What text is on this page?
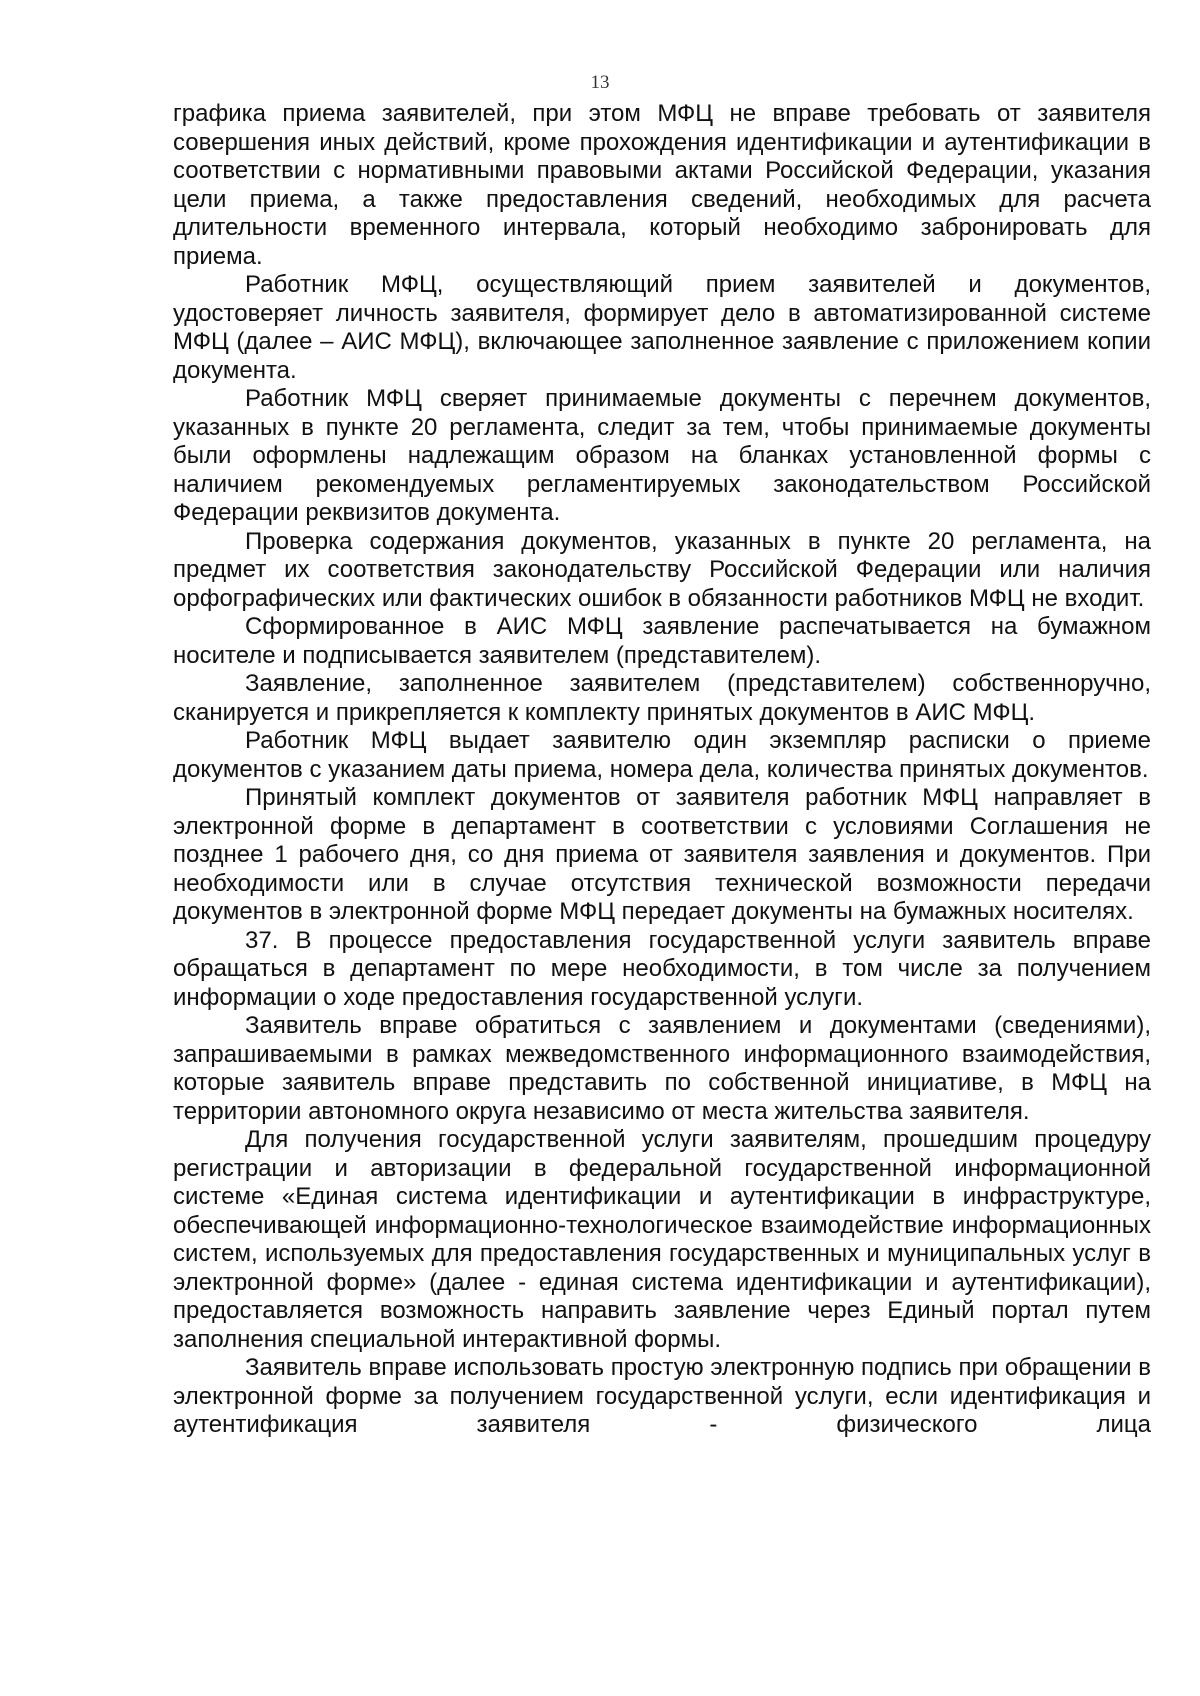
13

графика приема заявителей, при этом МФЦ не вправе требовать от заявителя совершения иных действий, кроме прохождения идентификации и аутентификации в соответствии с нормативными правовыми актами Российской Федерации, указания цели приема, а также предоставления сведений, необходимых для расчета длительности временного интервала, который необходимо забронировать для приема.

Работник МФЦ, осуществляющий прием заявителей и документов, удостоверяет личность заявителя, формирует дело в автоматизированной системе МФЦ (далее – АИС МФЦ), включающее заполненное заявление с приложением копии документа.

Работник МФЦ сверяет принимаемые документы с перечнем документов, указанных в пункте 20 регламента, следит за тем, чтобы принимаемые документы были оформлены надлежащим образом на бланках установленной формы с наличием рекомендуемых регламентируемых законодательством Российской Федерации реквизитов документа.

Проверка содержания документов, указанных в пункте 20 регламента, на предмет их соответствия законодательству Российской Федерации или наличия орфографических или фактических ошибок в обязанности работников МФЦ не входит.

Сформированное в АИС МФЦ заявление распечатывается на бумажном носителе и подписывается заявителем (представителем).

Заявление, заполненное заявителем (представителем) собственноручно, сканируется и прикрепляется к комплекту принятых документов в АИС МФЦ.

Работник МФЦ выдает заявителю один экземпляр расписки о приеме документов с указанием даты приема, номера дела, количества принятых документов.

Принятый комплект документов от заявителя работник МФЦ направляет в электронной форме в департамент в соответствии с условиями Соглашения не позднее 1 рабочего дня, со дня приема от заявителя заявления и документов. При необходимости или в случае отсутствия технической возможности передачи документов в электронной форме МФЦ передает документы на бумажных носителях.

37. В процессе предоставления государственной услуги заявитель вправе обращаться в департамент по мере необходимости, в том числе за получением информации о ходе предоставления государственной услуги.

Заявитель вправе обратиться с заявлением и документами (сведениями), запрашиваемыми в рамках межведомственного информационного взаимодействия, которые заявитель вправе представить по собственной инициативе, в МФЦ на территории автономного округа независимо от места жительства заявителя.

Для получения государственной услуги заявителям, прошедшим процедуру регистрации и авторизации в федеральной государственной информационной системе «Единая система идентификации и аутентификации в инфраструктуре, обеспечивающей информационно-технологическое взаимодействие информационных систем, используемых для предоставления государственных и муниципальных услуг в электронной форме» (далее - единая система идентификации и аутентификации), предоставляется возможность направить заявление через Единый портал путем заполнения специальной интерактивной формы.

Заявитель вправе использовать простую электронную подпись при обращении в электронной форме за получением государственной услуги, если идентификация и аутентификация заявителя - физического лица
